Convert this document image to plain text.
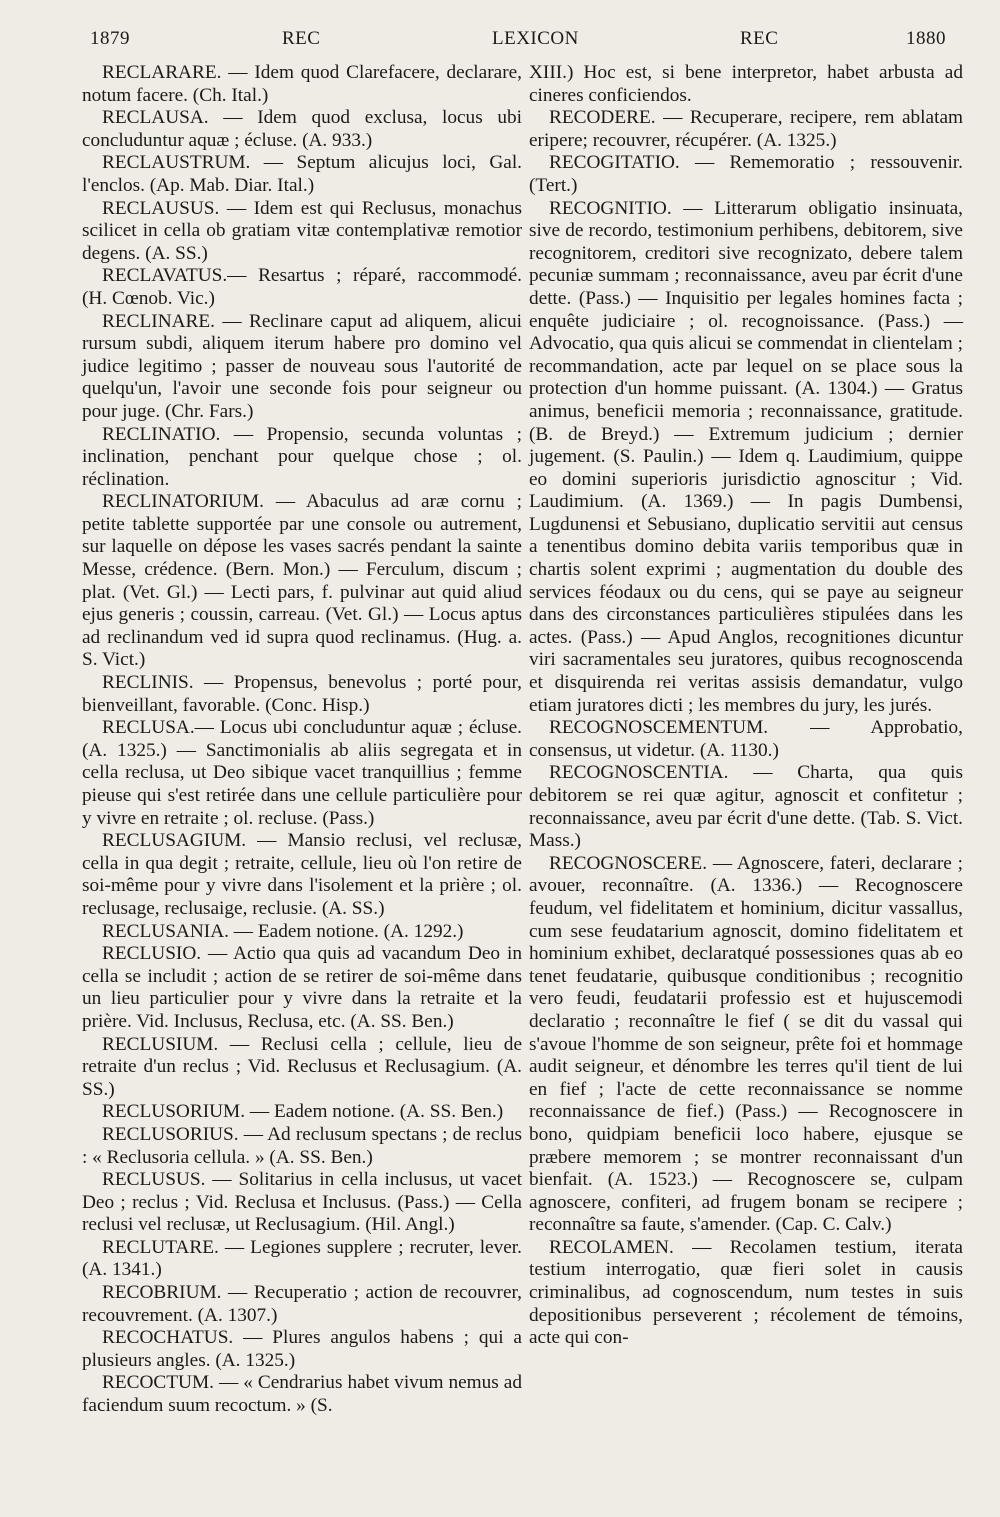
1879	REC	LEXICON	REC	1880

RECLARARE. — Idem quod Clarefacere, declarare, notum facere. (Ch. Ital.)

RECLAUSA. — Idem quod exclusa, locus ubi concluduntur aquæ ; écluse. (A. 933.)

RECLAUSTRUM. — Septum alicujus loci, Gal. l'enclos. (Ap. Mab. Diar. Ital.)

RECLAUSUS. — Idem est qui Reclusus, monachus scilicet in cella ob gratiam vitæ contemplativæ remotior degens. (A. SS.)

RECLAVATUS.— Resartus ; réparé, raccommodé. (H. Cœnob. Vic.)

RECLINARE. — Reclinare caput ad aliquem, alicui rursum subdi, aliquem iterum habere pro domino vel judice legitimo ; passer de nouveau sous l'autorité de quelqu'un, l'avoir une seconde fois pour seigneur ou pour juge. (Chr. Fars.)

RECLINATIO. — Propensio, secunda voluntas ; inclination, penchant pour quelque chose ; ol. réclination.

RECLINATORIUM. — Abaculus ad aræ cornu ; petite tablette supportée par une console ou autrement, sur laquelle on dépose les vases sacrés pendant la sainte Messe, crédence. (Bern. Mon.) — Ferculum, discum ; plat. (Vet. Gl.) — Lecti pars, f. pulvinar aut quid aliud ejus generis ; coussin, carreau. (Vet. Gl.) — Locus aptus ad reclinandum ved id supra quod reclinamus. (Hug. a. S. Vict.)

RECLINIS. — Propensus, benevolus ; porté pour, bienveillant, favorable. (Conc. Hisp.)

RECLUSA.— Locus ubi concluduntur aquæ ; écluse. (A. 1325.) — Sanctimonialis ab aliis segregata et in cella reclusa, ut Deo sibique vacet tranquillius ; femme pieuse qui s'est retirée dans une cellule particulière pour y vivre en retraite ; ol. recluse. (Pass.)

RECLUSAGIUM. — Mansio reclusi, vel reclusæ, cella in qua degit ; retraite, cellule, lieu où l'on retire de soi-même pour y vivre dans l'isolement et la prière ; ol. reclusage, reclusaige, reclusie. (A. SS.)

RECLUSANIA. — Eadem notione. (A. 1292.)

RECLUSIO. — Actio qua quis ad vacandum Deo in cella se includit ; action de se retirer de soi-même dans un lieu particulier pour y vivre dans la retraite et la prière. Vid. Inclusus, Reclusa, etc. (A. SS. Ben.)

RECLUSIUM. — Reclusi cella ; cellule, lieu de retraite d'un reclus ; Vid. Reclusus et Reclusagium. (A. SS.)

RECLUSORIUM. — Eadem notione. (A. SS. Ben.)

RECLUSORIUS. — Ad reclusum spectans ; de reclus : « Reclusoria cellula. » (A. SS. Ben.)

RECLUSUS. — Solitarius in cella inclusus, ut vacet Deo ; reclus ; Vid. Reclusa et Inclusus. (Pass.) — Cella reclusi vel reclusæ, ut Reclusagium. (Hil. Angl.)

RECLUTARE. — Legiones supplere ; recruter, lever. (A. 1341.)

RECOBRIUM. — Recuperatio ; action de recouvrer, recouvrement. (A. 1307.)

RECOCHATUS. — Plures angulos habens ; qui a plusieurs angles. (A. 1325.)

RECOCTUM. — « Cendrarius habet vivum nemus ad faciendum suum recoctum. » (S.

XIII.) Hoc est, si bene interpretor, habet arbusta ad cineres conficiendos.

RECODERE. — Recuperare, recipere, rem ablatam eripere; recouvrer, récupérer. (A. 1325.)

RECOGITATIO. — Rememoratio ; ressouvenir. (Tert.)

RECOGNITIO. — Litterarum obligatio insinuata, sive de recordo, testimonium perhibens, debitorem, sive recognitorem, creditori sive recognizato, debere talem pecuniæ summam ; reconnaissance, aveu par écrit d'une dette. (Pass.) — Inquisitio per legales homines facta ; enquête judiciaire ; ol. recognoissance. (Pass.) — Advocatio, qua quis alicui se commendat in clientelam ; recommandation, acte par lequel on se place sous la protection d'un homme puissant. (A. 1304.) — Gratus animus, beneficii memoria ; reconnaissance, gratitude. (B. de Breyd.) — Extremum judicium ; dernier jugement. (S. Paulin.) — Idem q. Laudimium, quippe eo domini superioris jurisdictio agnoscitur ; Vid. Laudimium. (A. 1369.) — In pagis Dumbensi, Lugdunensi et Sebusiano, duplicatio servitii aut census a tenentibus domino debita variis temporibus quæ in chartis solent exprimi ; augmentation du double des services féodaux ou du cens, qui se paye au seigneur dans des circonstances particulières stipulées dans les actes. (Pass.) — Apud Anglos, recognitiones dicuntur viri sacramentales seu juratores, quibus recognoscenda et disquirenda rei veritas assisis demandatur, vulgo etiam juratores dicti ; les membres du jury, les jurés.

RECOGNOSCEMENTUM. — Approbatio, consensus, ut videtur. (A. 1130.)

RECOGNOSCENTIA. — Charta, qua quis debitorem se rei quæ agitur, agnoscit et confitetur ; reconnaissance, aveu par écrit d'une dette. (Tab. S. Vict. Mass.)

RECOGNOSCERE. — Agnoscere, fateri, declarare ; avouer, reconnaître. (A. 1336.) — Recognoscere feudum, vel fidelitatem et hominium, dicitur vassallus, cum sese feudatarium agnoscit, domino fidelitatem et hominium exhibet, declaratqué possessiones quas ab eo tenet feudatarie, quibusque conditionibus ; recognitio vero feudi, feudatarii professio est et hujuscemodi declaratio ; reconnaître le fief ( se dit du vassal qui s'avoue l'homme de son seigneur, prête foi et hommage audit seigneur, et dénombre les terres qu'il tient de lui en fief ; l'acte de cette reconnaissance se nomme reconnaissance de fief.) (Pass.) — Recognoscere in bono, quidpiam beneficii loco habere, ejusque se præbere memorem ; se montrer reconnaissant d'un bienfait. (A. 1523.) — Recognoscere se, culpam agnoscere, confiteri, ad frugem bonam se recipere ; reconnaître sa faute, s'amender. (Cap. C. Calv.)

RECOLAMEN. — Recolamen testium, iterata testium interrogatio, quæ fieri solet in causis criminalibus, ad cognoscendum, num testes in suis depositionibus perseverent ; récolement de témoins, acte qui con-
